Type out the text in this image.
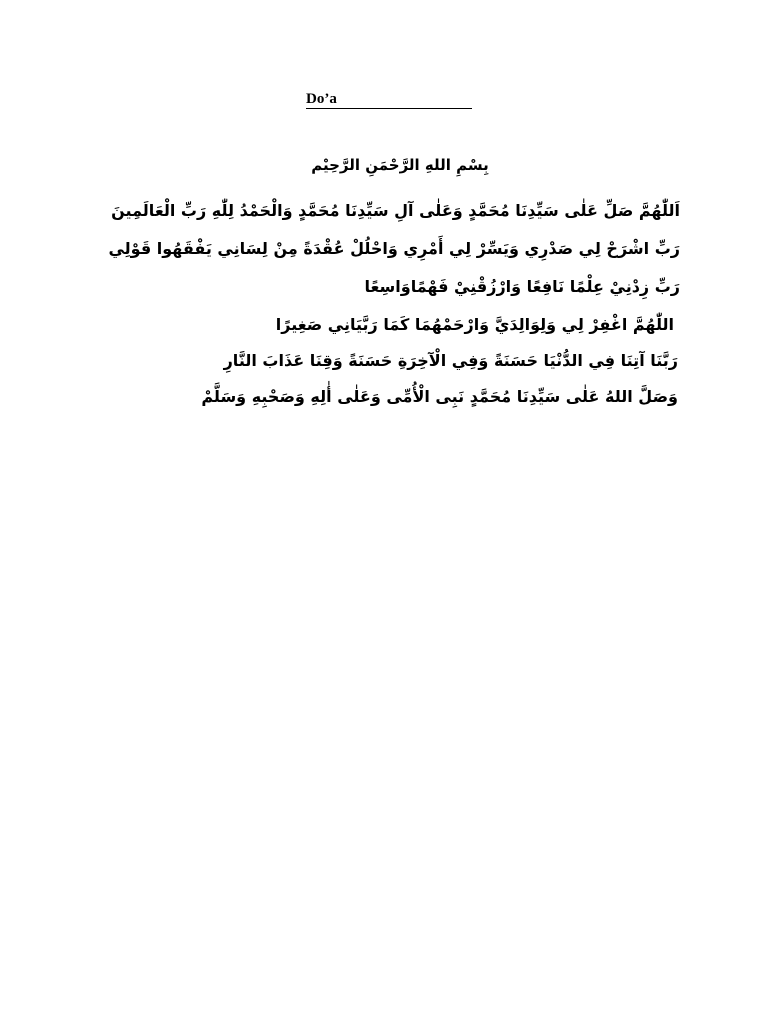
Do’a
بِسْمِ اللهِ الرَّحْمَنِ الرَّحِيْم
اَللّٰهُمَّ صَلِّ عَلٰى سَيِّدِنَا مُحَمَّدٍ وَعَلٰى آلِ سَيِّدِنَا مُحَمَّدٍ وَالْحَمْدُ لِلّٰهِ رَبِّ الْعَالَمِينَ
رَبِّ اشْرَحْ لِي صَدْرِي وَيَسِّرْ لِي أَمْرِي وَاحْلُلْ عُقْدَةً مِنْ لِسَانِي يَفْقَهُوا قَوْلِي
رَبِّ زِدْنِيْ عِلْمًا نَافِعًا وَارْزُقْنِيْ فَهْمًاوَاسِعًا
اللّٰهُمَّ اغْفِرْ لِي وَلِوَالِدَيَّ وَارْحَمْهُمَا كَمَا رَبَّيَانِي صَغِيرًا
رَبَّنَا آتِنَا فِي الدُّنْيَا حَسَنَةً وَفِي الْآخِرَةِ حَسَنَةً وَقِنَا عَذَابَ النَّارِ
وَصَلَّ اللهُ عَلٰى سَيِّدِنَا مُحَمَّدٍ نَبِى الْأُمِّى وَعَلٰى أٰلِهِ وَصَحْبِهِ وَسَلَّمْ
